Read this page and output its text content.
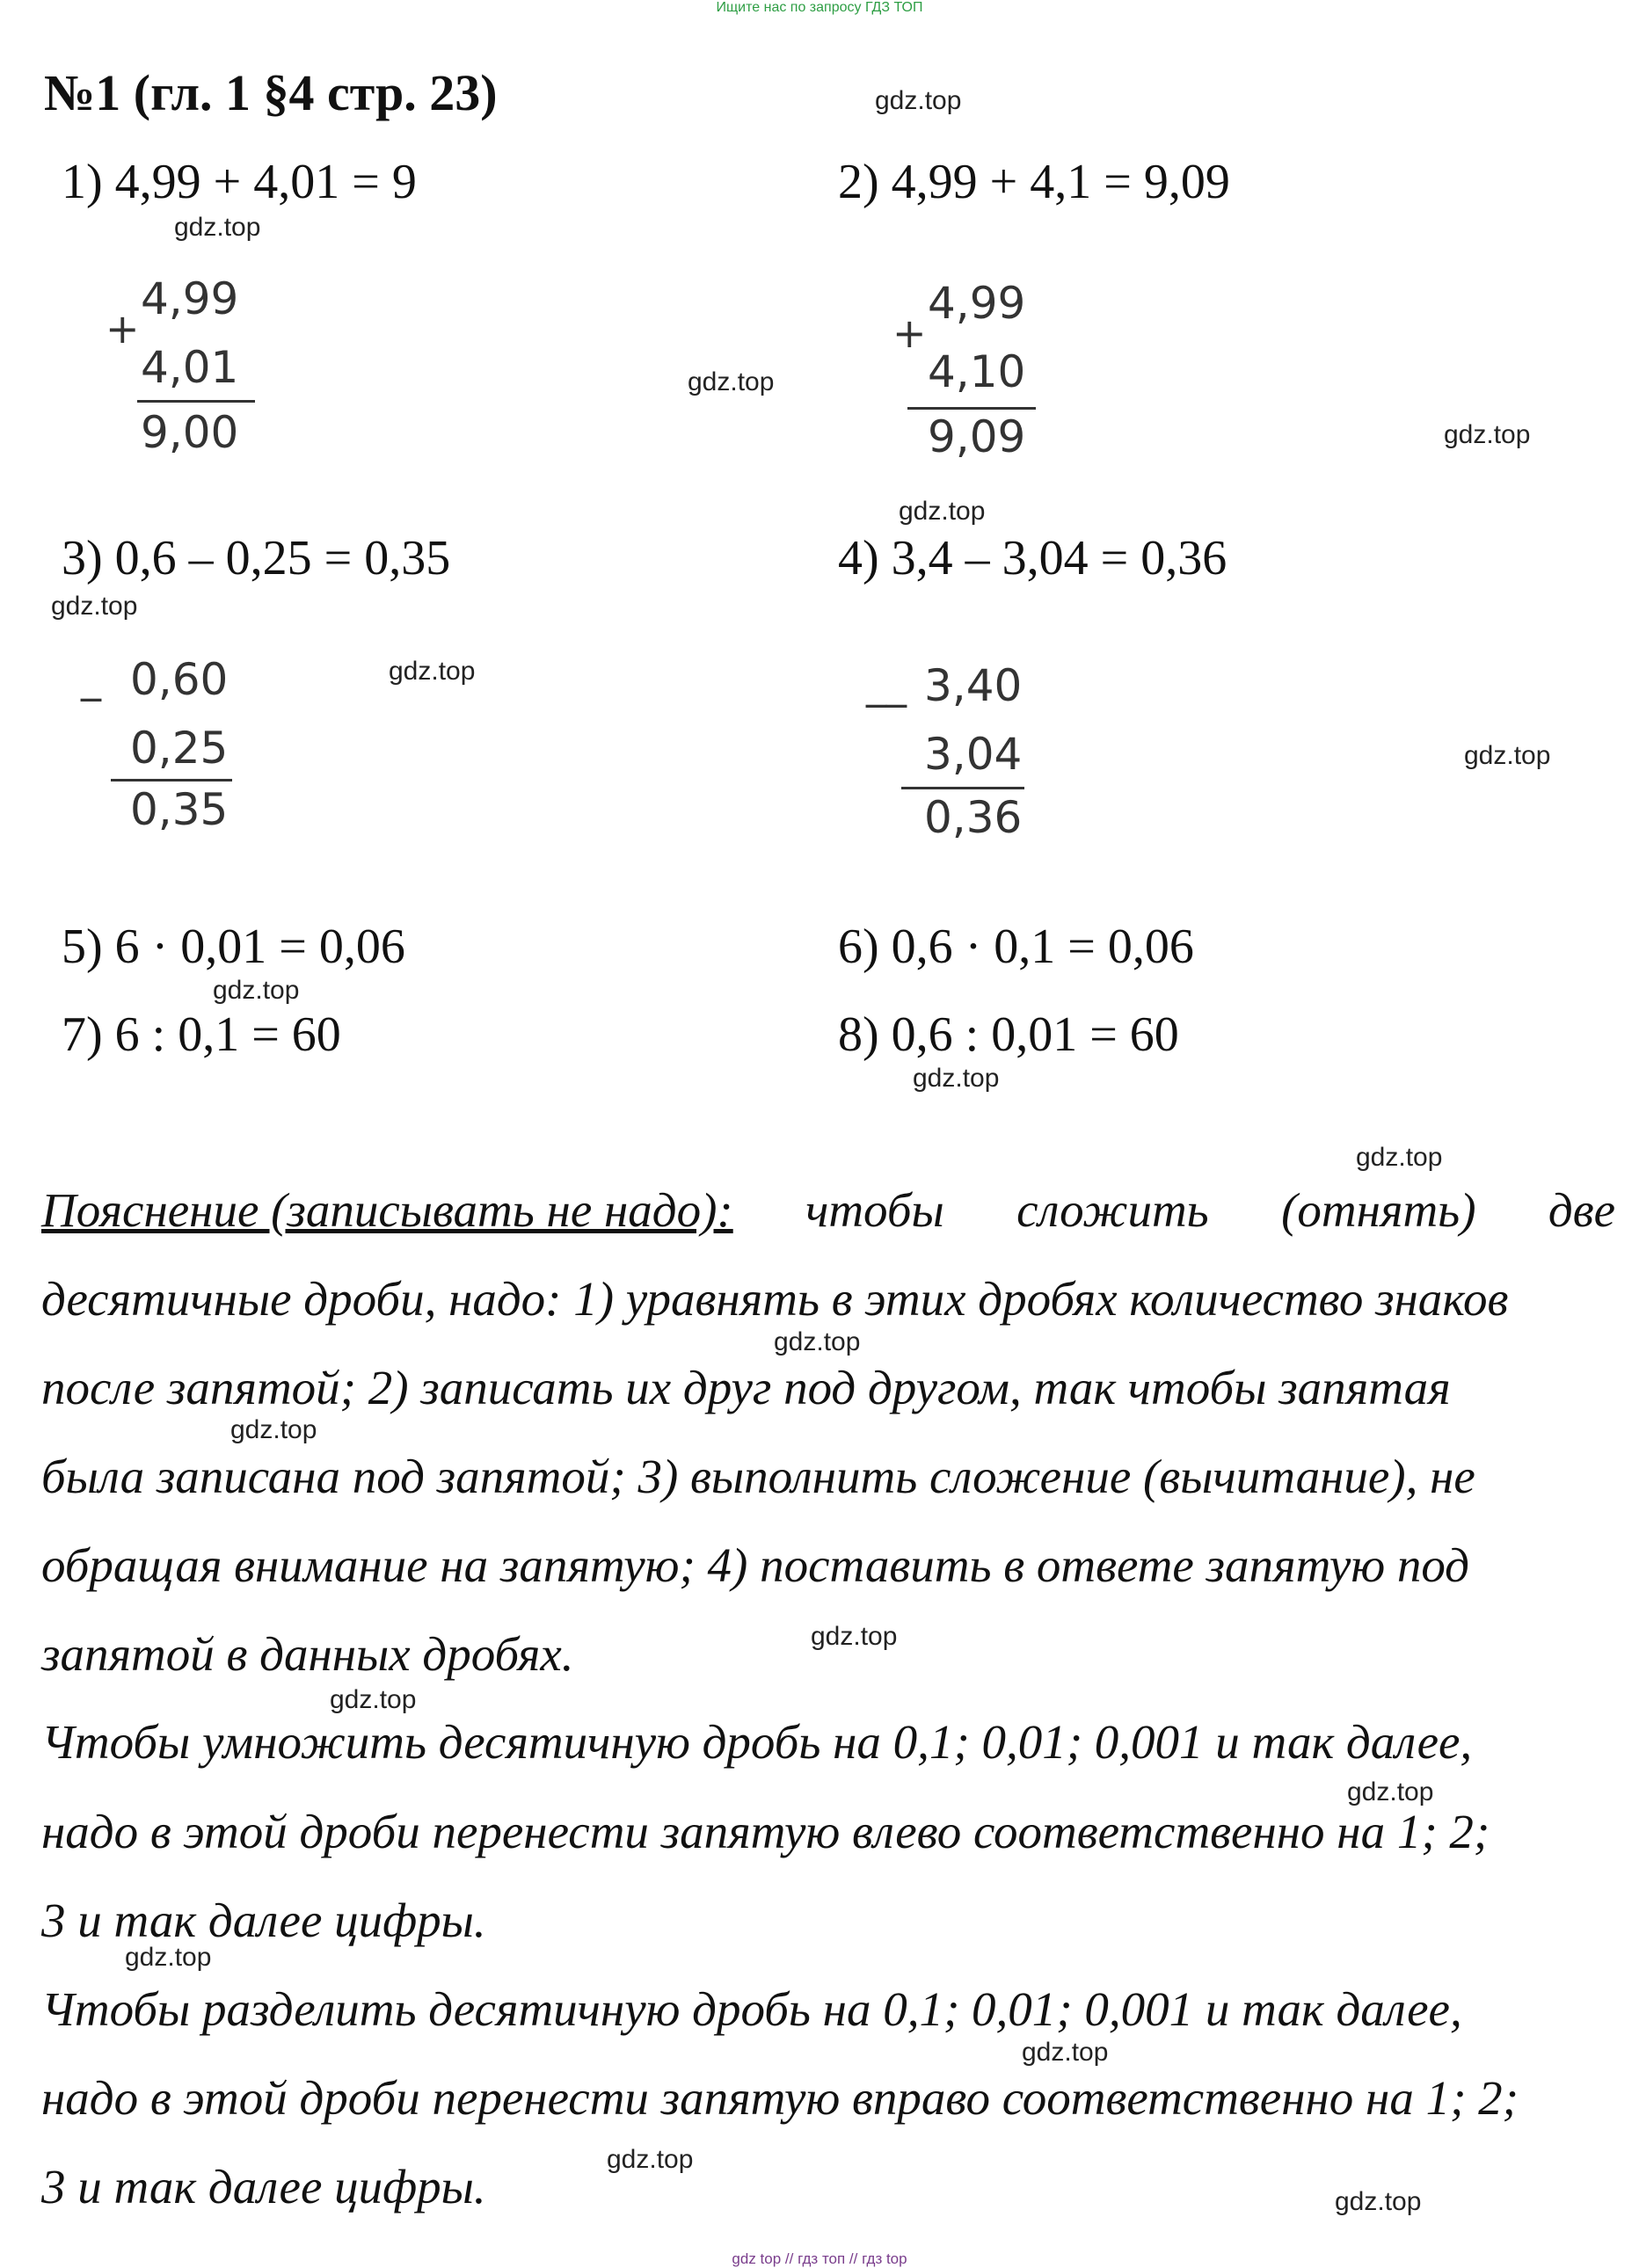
Ищите нас по запросу ГДЗ ТОП
№1 (гл. 1 §4 стр. 23)
1) 4,99 + 4,01 = 9	2) 4,99 + 4,1 = 9,09
3) 0,6 – 0,25 = 0,35	4) 3,4 – 3,04 = 0,36
5) 6 · 0,01 = 0,06	6) 0,6 · 0,1 = 0,06
7) 6 : 0,1 = 60	8) 0,6 : 0,01 = 60
+
4,99
4,01
9,00
+
4,99
4,10
9,09
_ 0,60
0,25
0,35
__ 3,40
3,04
0,36
Пояснение (записывать не надо): чтобы сложить (отнять) две
десятичные дроби, надо: 1) уравнять в этих дробях количество знаков
после запятой; 2) записать их друг под другом, так чтобы запятая
была записана под запятой; 3) выполнить сложение (вычитание), не
обращая внимание на запятую; 4) поставить в ответе запятую под
запятой в данных дробях.
Чтобы умножить десятичную дробь на 0,1; 0,01; 0,001 и так далее,
надо в этой дроби перенести запятую влево соответственно на 1; 2;
3 и так далее цифры.
Чтобы разделить десятичную дробь на 0,1; 0,01; 0,001 и так далее,
надо в этой дроби перенести запятую вправо соответственно на 1; 2;
3 и так далее цифры.
gdz.top
gdz.top
gdz.top
gdz.top
gdz.top
gdz.top
gdz.top
gdz.top
gdz.top
gdz.top
gdz.top
gdz.top
gdz.top
gdz.top
gdz.top
gdz.top
gdz.top
gdz.top
gdz.top
gdz.top
gdz top // гдз топ // гдз top
